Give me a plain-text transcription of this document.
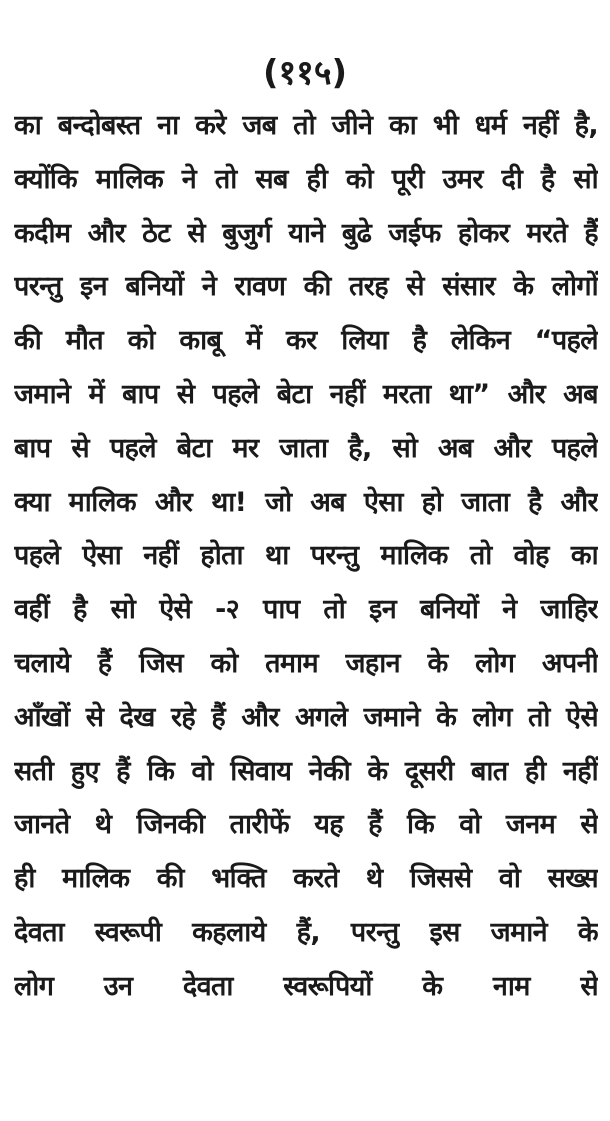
(११५)
का बन्दोबस्त ना करे जब तो जीने का भी धर्म नहीं है,
क्योंकि मालिक ने तो सब ही को पूरी उमर दी है सो
कदीम और ठेट से बुजुर्ग याने बुढे जईफ होकर मरते हैं
परन्तु इन बनियों ने रावण की तरह से संसार के लोगों
की मौत को काबू में कर लिया है लेकिन “पहले
जमाने में बाप से पहले बेटा नहीं मरता था” और अब
बाप से पहले बेटा मर जाता है, सो अब और पहले
क्या मालिक और था! जो अब ऐसा हो जाता है और
पहले ऐसा नहीं होता था परन्तु मालिक तो वोह का
वहीं है सो ऐसे -२ पाप तो इन बनियों ने जाहिर
चलाये हैं जिस को तमाम जहान के लोग अपनी
आँखों से देख रहे हैं और अगले जमाने के लोग तो ऐसे
सती हुए हैं कि वो सिवाय नेकी के दूसरी बात ही नहीं
जानते थे जिनकी तारीफें यह हैं कि वो जनम से
ही मालिक की भक्ति करते थे जिससे वो सख्स
देवता स्वरूपी कहलाये हैं, परन्तु इस जमाने के
लोग उन देवता स्वरूपियों के नाम से
